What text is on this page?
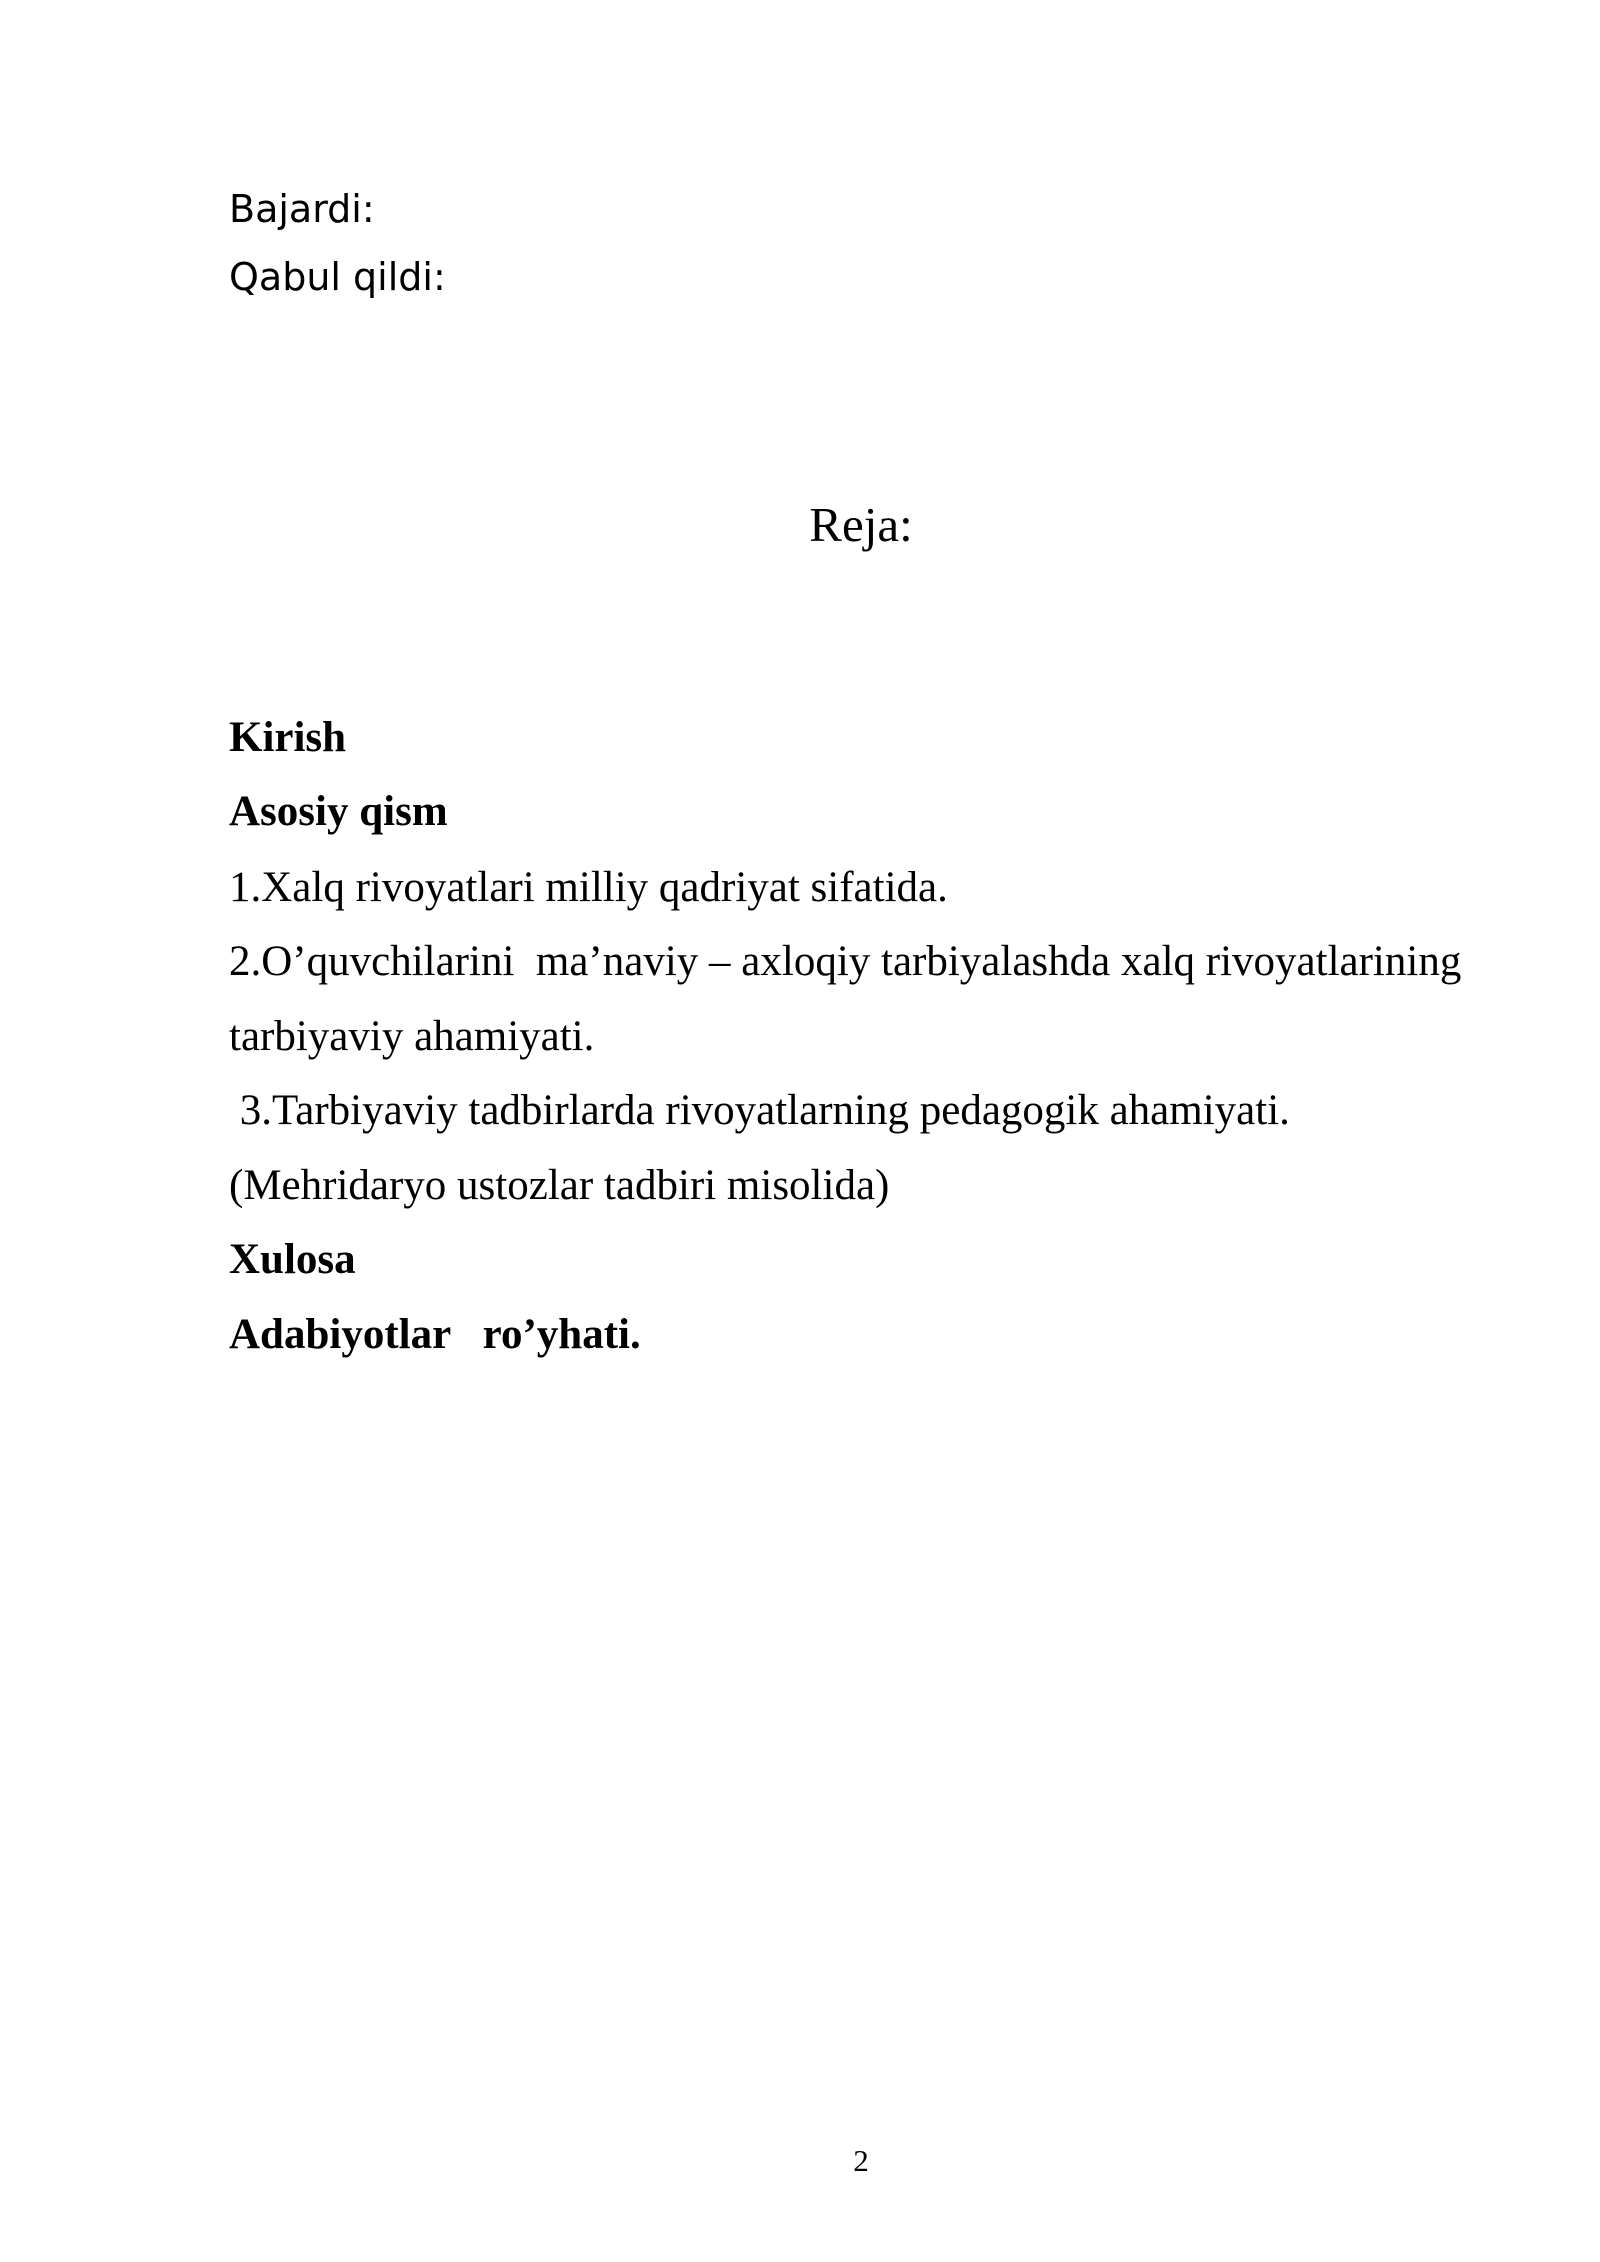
Bajardi:
Qabul qildi:
Reja:
Kirish
Asosiy qism
1.Xalq rivoyatlari milliy qadriyat sifatida.
2.O’quvchilarini  ma’naviy – axloqiy tarbiyalashda xalq rivoyatlarining
tarbiyaviy ahamiyati.
3.Tarbiyaviy tadbirlarda rivoyatlarning pedagogik ahamiyati.
(Mehridaryo ustozlar tadbiri misolida)
Xulosa
Adabiyotlar   ro’yhati.
2
